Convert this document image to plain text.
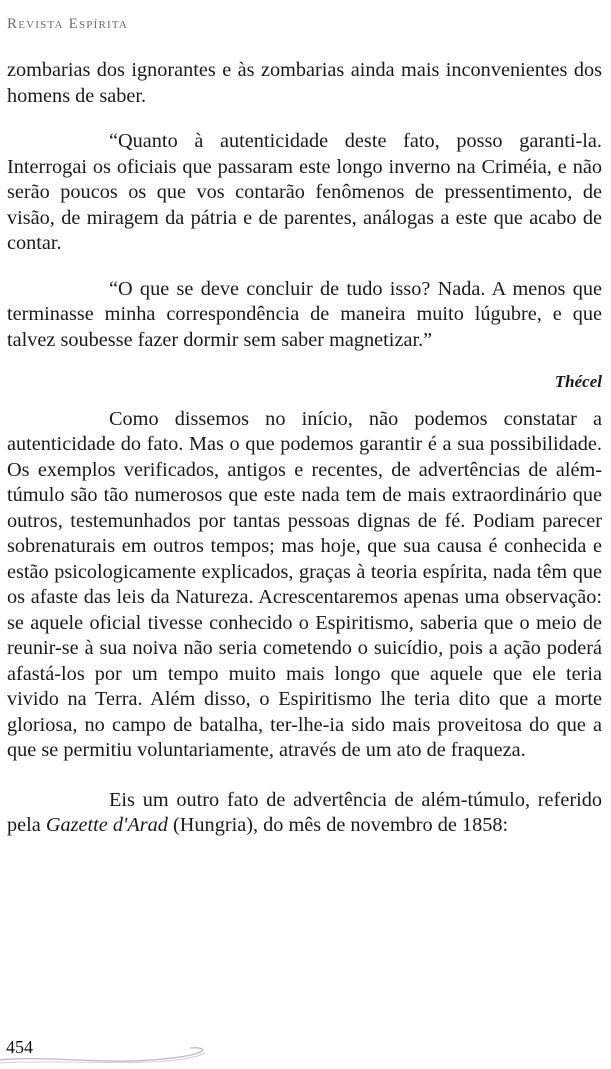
Revista Espírita

zombarias dos ignorantes e às zombarias ainda mais inconvenientes dos homens de saber.

“Quanto à autenticidade deste fato, posso garanti-la. Interrogai os oficiais que passaram este longo inverno na Criméia, e não serão poucos os que vos contarão fenômenos de pressentimento, de visão, de miragem da pátria e de parentes, análogas a este que acabo de contar.

“O que se deve concluir de tudo isso? Nada. A menos que terminasse minha correspondência de maneira muito lúgubre, e que talvez soubesse fazer dormir sem saber magnetizar.”

Thécel

Como dissemos no início, não podemos constatar a autenticidade do fato. Mas o que podemos garantir é a sua possibilidade. Os exemplos verificados, antigos e recentes, de advertências de além-túmulo são tão numerosos que este nada tem de mais extraordinário que outros, testemunhados por tantas pessoas dignas de fé. Podiam parecer sobrenaturais em outros tempos; mas hoje, que sua causa é conhecida e estão psicologicamente explicados, graças à teoria espírita, nada têm que os afaste das leis da Natureza. Acrescentaremos apenas uma observação: se aquele oficial tivesse conhecido o Espiritismo, saberia que o meio de reunir-se à sua noiva não seria cometendo o suicídio, pois a ação poderá afastá-los por um tempo muito mais longo que aquele que ele teria vivido na Terra. Além disso, o Espiritismo lhe teria dito que a morte gloriosa, no campo de batalha, ter-lhe-ia sido mais proveitosa do que a que se permitiu voluntariamente, através de um ato de fraqueza.

Eis um outro fato de advertência de além-túmulo, referido pela Gazette d'Arad (Hungria), do mês de novembro de 1858:

454
